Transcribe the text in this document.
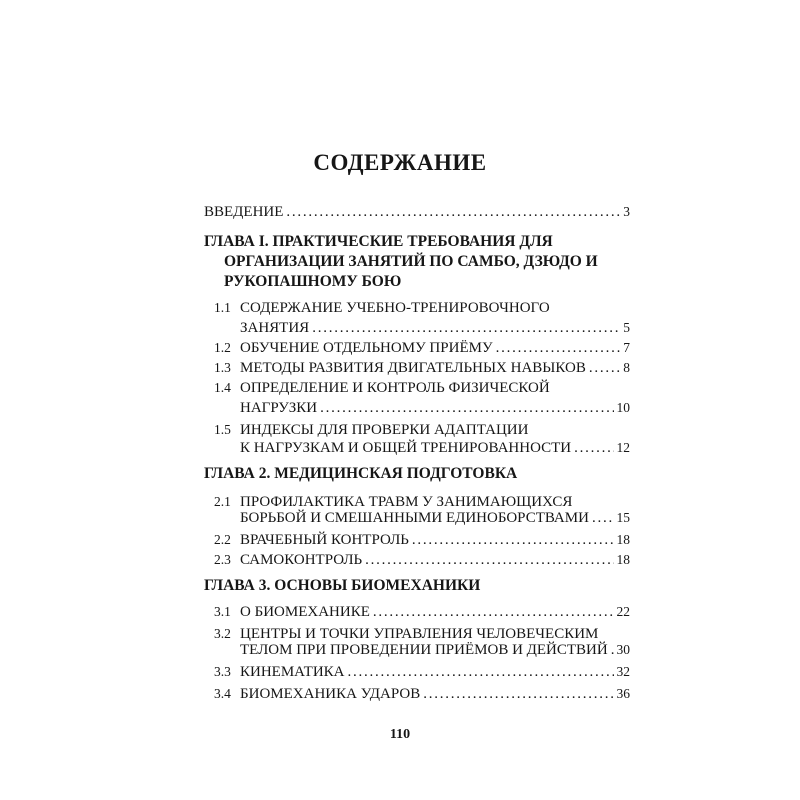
СОДЕРЖАНИЕ
ВВЕДЕНИЕ . . .	3
ГЛАВА I. ПРАКТИЧЕСКИЕ ТРЕБОВАНИЯ ДЛЯ
ОРГАНИЗАЦИИ ЗАНЯТИЙ ПО САМБО, ДЗЮДО И
РУКОПАШНОМУ БОЮ
1.1 СОДЕРЖАНИЕ УЧЕБНО-ТРЕНИРОВОЧНОГО
ЗАНЯТИЯ . . .	5
1.2 ОБУЧЕНИЕ ОТДЕЛЬНОМУ ПРИЁМУ . . .	7
1.3 МЕТОДЫ РАЗВИТИЯ ДВИГАТЕЛЬНЫХ НАВЫКОВ . . .	8
1.4 ОПРЕДЕЛЕНИЕ И КОНТРОЛЬ ФИЗИЧЕСКОЙ
НАГРУЗКИ . . .	10
1.5 ИНДЕКСЫ ДЛЯ ПРОВЕРКИ АДАПТАЦИИ
К НАГРУЗКАМ И ОБЩЕЙ ТРЕНИРОВАННОСТИ . . .	12
ГЛАВА 2. МЕДИЦИНСКАЯ ПОДГОТОВКА
2.1 ПРОФИЛАКТИКА ТРАВМ У ЗАНИМАЮЩИХСЯ
БОРЬБОЙ И СМЕШАННЫМИ ЕДИНОБОРСТВАМИ . . . 15
2.2 ВРАЧЕБНЫЙ КОНТРОЛЬ . . .	18
2.3 САМОКОНТРОЛЬ . . .	18
ГЛАВА 3. ОСНОВЫ БИОМЕХАНИКИ
3.1 О БИОМЕХАНИКЕ . . .	22
3.2 ЦЕНТРЫ И ТОЧКИ УПРАВЛЕНИЯ ЧЕЛОВЕЧЕСКИМ
ТЕЛОМ ПРИ ПРОВЕДЕНИИ ПРИЁМОВ И ДЕЙСТВИЙ . . . 30
3.3 КИНЕМАТИКА . . .	32
3.4 БИОМЕХАНИКА УДАРОВ . . .	36
110
